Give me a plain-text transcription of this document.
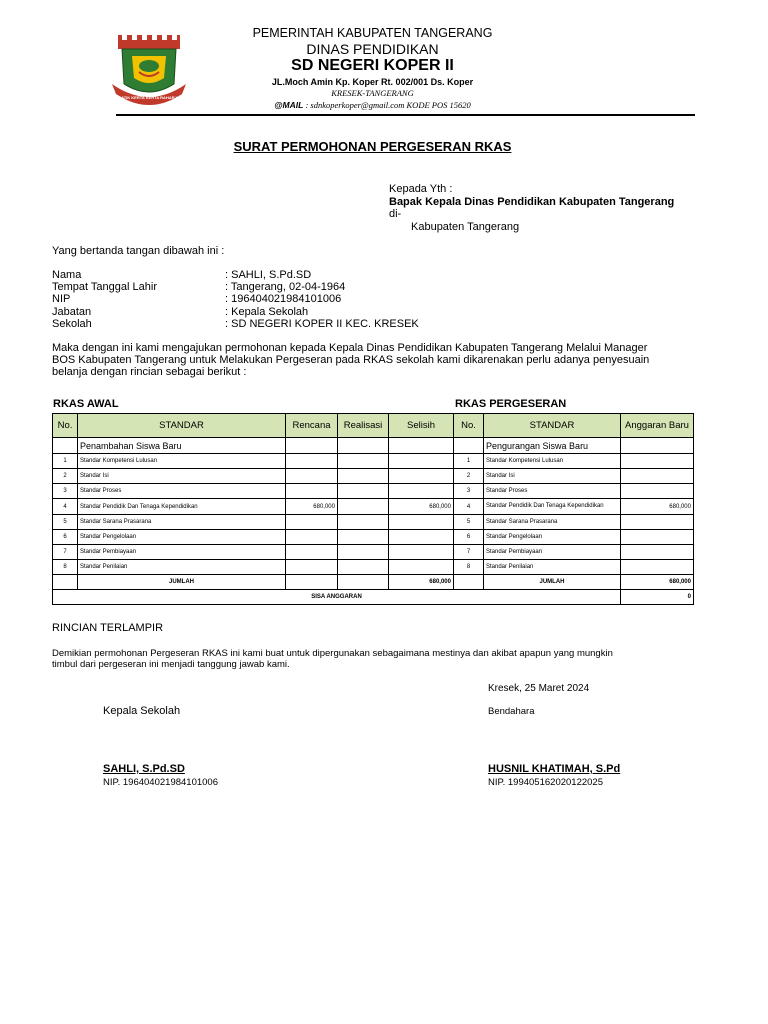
BATIK KERTA KERTA RAHARJA
PEMERINTAH KABUPATEN TANGERANG
DINAS PENDIDIKAN
SD NEGERI KOPER II
JL.Moch Amin Kp. Koper Rt. 002/001 Ds. Koper
KRESEK-TANGERANG
@MAIL : sdnkoperkoper@gmail.com KODE POS 15620
SURAT PERMOHONAN PERGESERAN RKAS
Kepada Yth :
Bapak Kepala Dinas Pendidikan Kabupaten Tangerang
di-
Kabupaten Tangerang
Yang bertanda tangan dibawah ini :
Nama	: SAHLI, S.Pd.SD
Tempat Tanggal Lahir	: Tangerang, 02-04-1964
NIP	: 196404021984101006
Jabatan	: Kepala Sekolah
Sekolah	: SD NEGERI KOPER II KEC. KRESEK
Maka dengan ini kami mengajukan permohonan kepada Kepala Dinas Pendidikan Kabupaten Tangerang Melalui Manager
BOS Kabupaten Tangerang untuk Melakukan Pergeseran pada RKAS sekolah kami dikarenakan perlu adanya penyesuain
belanja dengan rincian sebagai berikut :
RKAS AWAL	RKAS PERGESERAN
No.	STANDAR	Rencana	Realisasi	Selisih	No.	STANDAR	Anggaran Baru
	Penambahan Siswa Baru					Pengurangan Siswa Baru	
1	Standar Kompetensi Lulusan				1	Standar Kompetensi Lulusan	
2	Standar Isi				2	Standar Isi	
3	Standar Proses				3	Standar Proses	
4	Standar Pendidik Dan Tenaga Kependidikan	680,000		680,000	4	Standar Pendidik Dan Tenaga Kependidikan	680,000
5	Standar Sarana Prasarana				5	Standar Sarana Prasarana	
6	Standar Pengelolaan				6	Standar Pengelolaan	
7	Standar Pembiayaan				7	Standar Pembiayaan	
8	Standar Penilaian				8	Standar Penilaian	
	JUMLAH			680,000		JUMLAH	680,000
SISA ANGGARAN							0
RINCIAN TERLAMPIR
Demikian permohonan Pergeseran RKAS ini kami buat untuk dipergunakan sebagaimana mestinya dan akibat apapun yang mungkin
timbul dari pergeseran ini menjadi tanggung jawab kami.
Kresek, 25 Maret 2024
Kepala Sekolah	Bendahara
SAHLI, S.Pd.SD
NIP. 196404021984101006
HUSNIL KHATIMAH, S.Pd
NIP. 199405162020122025
